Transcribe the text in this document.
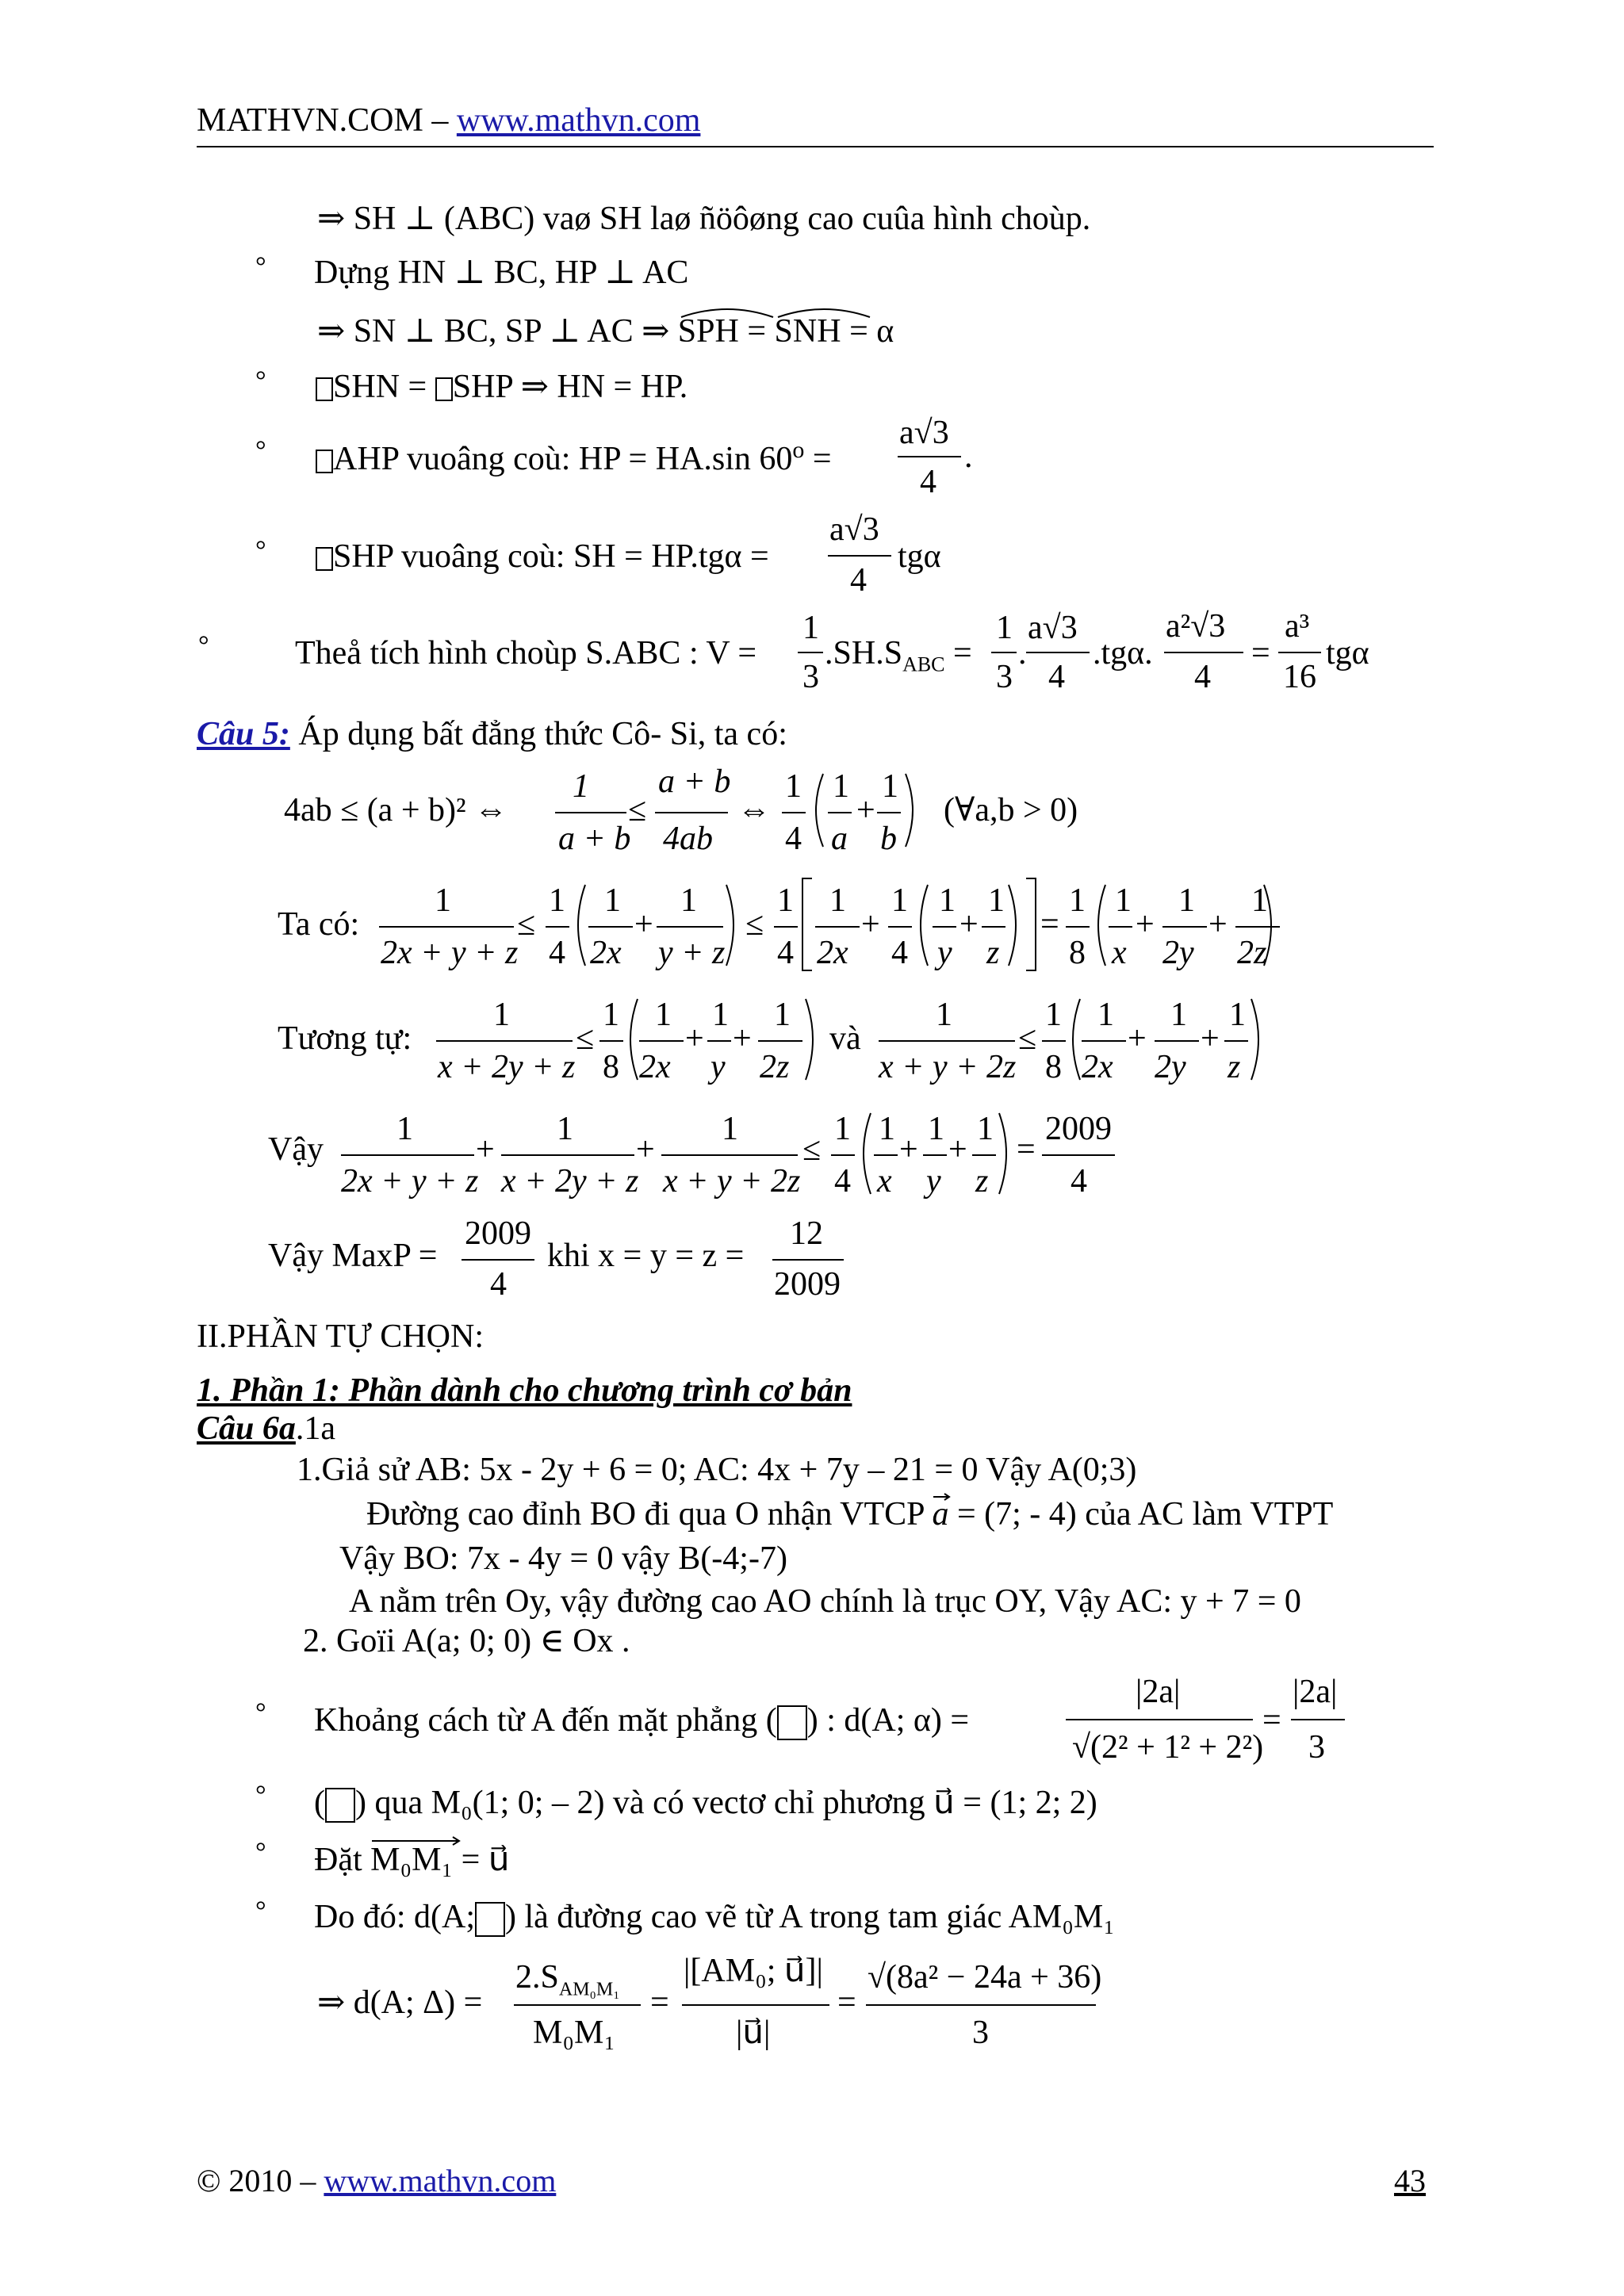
MATHVN.COM – www.mathvn.com
⇒ SH ⊥ (ABC) vaø SH laø ñöôøng cao cuûa hình choùp.
° Dựng HN ⊥ BC, HP ⊥ AC
⇒ SN ⊥ BC, SP ⊥ AC ⇒ SPH = SNH = α
°	SHN = SHP ⇒ HN = HP.
°	AHP vuoâng coù: HP = HA.sin $60^o$ =
a√3
4
.
°	SHP vuoâng coù: SH = HP.tgα =
a√3
4
tgα
°	Theå tích hình choùp S.ABC : V =
1
3
$.SH.S_{ABC}$ =
1
3
.
a√3
4
.tgα.
a²√3
4
=
a³
16
tgα
Câu 5: Áp dụng bất đẳng thức Cô- Si, ta có:
4ab ≤ (a + b)² ⇔
1
a + b
≤
a + b
4ab
⇔
1
4
1
a
+
1
b
(∀a,b > 0)
Ta có:
1
2x + y + z
≤
1
4
1
2x
+
1
y + z
≤
1
4
1
2x
+
1
4
1
y
+
1
z
=
1
8
1
x
+
1
2y
+
1
2z
Tương tự:
1
x + 2y + z
≤
1
8
1
2x
+
1
y
+
1
2z
và
1
x + y + 2z
≤
1
8
1
2x
+
1
2y
+
1
z
Vậy
1
2x + y + z
+
1
x + 2y + z
+
1
x + y + 2z
≤
1
4
1
x
+
1
y
+
1
z
=
2009
4
Vậy MaxP =
2009
4
khi x = y = z =
12
2009
II.PHẦN TỰ CHỌN:
1. Phần 1: Phần dành cho chương trình cơ bản
Câu 6a.1a
1.Giả sử AB: 5x - 2y + 6 = 0; AC: 4x + 7y – 21 = 0 Vậy A(0;3)
Đường cao đỉnh BO đi qua O nhận VTCP a
= (7; - 4) của AC làm VTPT
Vậy BO: 7x - 4y = 0 vậy B(-4;-7)
A nằm trên Oy, vậy đường cao AO chính là trục OY, Vậy AC: y + 7 = 0
2. Goïi A(a; 0; 0) ∈ Ox .
° Khoảng cách từ A đến mặt phẳng ( ) : d(A; α) =
|2a|
√(2² + 1² + 2²)
=
|2a|
3
° ( ) qua M₀(1; 0; – 2) và có vectơ chỉ phương u⃗ = (1; 2; 2)
° Đặt M₀M₁ = u⃗
° Do đó: d(A; ) là đường cao vẽ từ A trong tam giác AM₀M₁
⇒ d(A; Δ) =
$2.S_{AM_0M_1}$
M₀M₁
=
|[AM₀; u⃗]|
|u⃗|
=
√(8a² − 24a + 36)
3
© 2010 – www.mathvn.com	43
